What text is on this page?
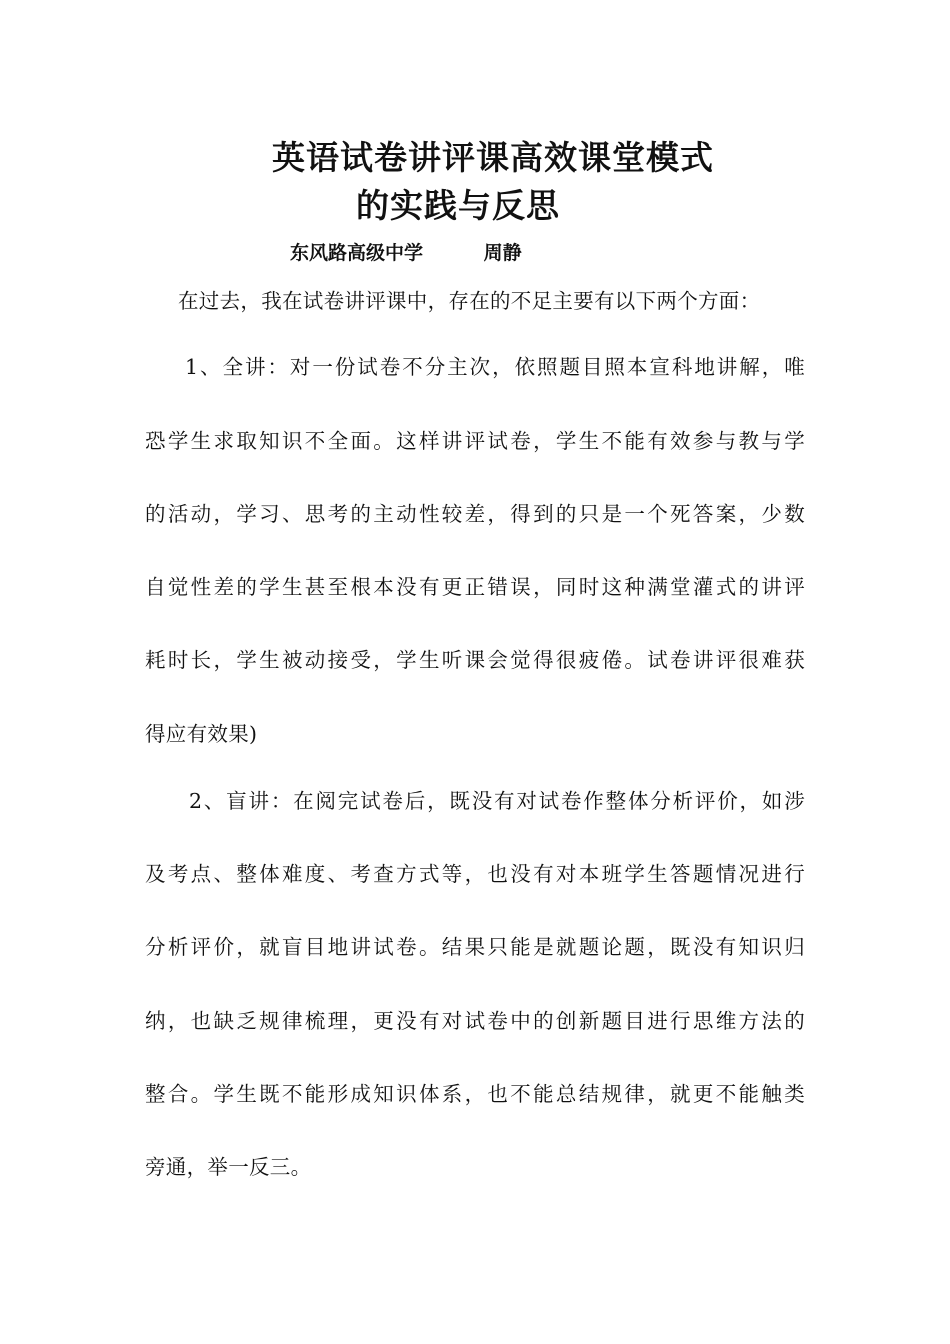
英语试卷讲评课高效课堂模式
的实践与反思
东风路高级中学	周静
在过去，我在试卷讲评课中，存在的不足主要有以下两个方面：
1、全讲：对一份试卷不分主次，依照题目照本宣科地讲解，唯
恐学生求取知识不全面。这样讲评试卷，学生不能有效参与教与学
的活动，学习、思考的主动性较差，得到的只是一个死答案，少数
自觉性差的学生甚至根本没有更正错误，同时这种满堂灌式的讲评
耗时长，学生被动接受，学生听课会觉得很疲倦。试卷讲评很难获
得应有效果)
2、盲讲：在阅完试卷后，既没有对试卷作整体分析评价，如涉
及考点、整体难度、考查方式等，也没有对本班学生答题情况进行
分析评价，就盲目地讲试卷。结果只能是就题论题，既没有知识归
纳，也缺乏规律梳理，更没有对试卷中的创新题目进行思维方法的
整合。学生既不能形成知识体系，也不能总结规律，就更不能触类
旁通，举一反三。
